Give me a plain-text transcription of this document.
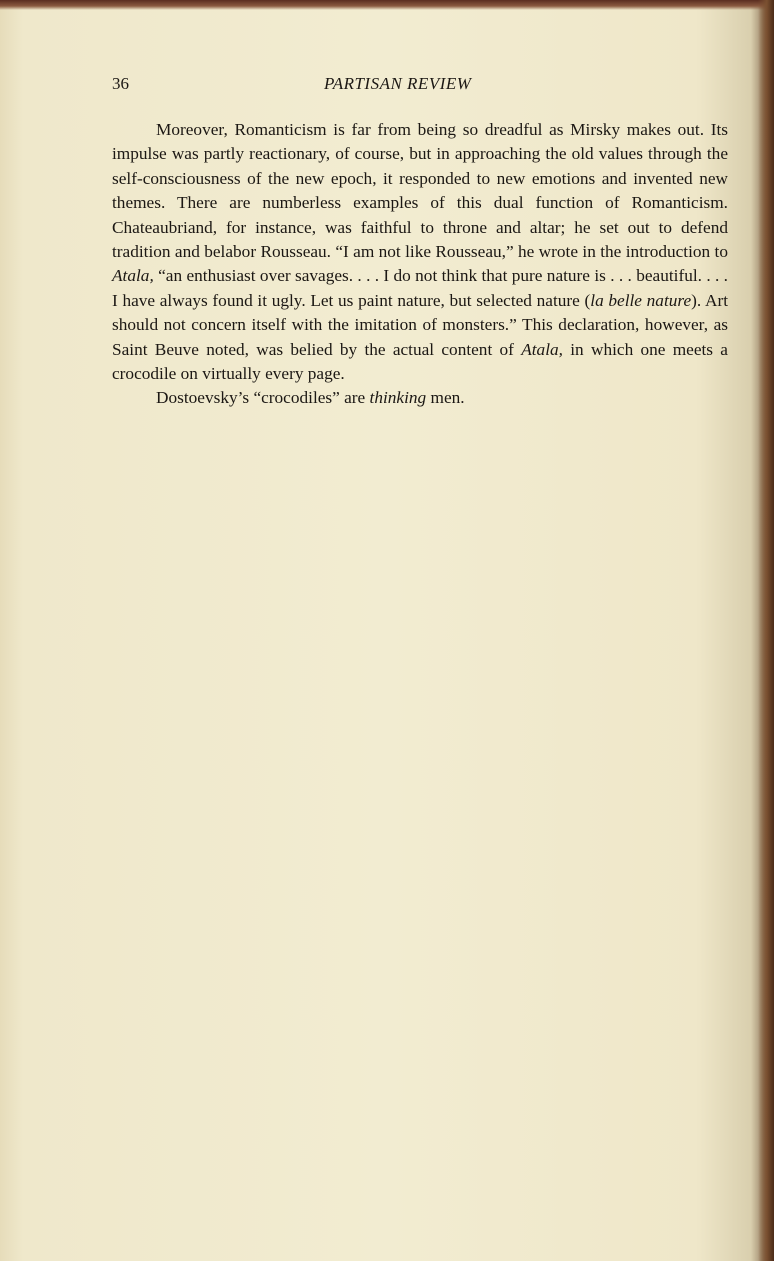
36	PARTISAN REVIEW

Moreover, Romanticism is far from being so dreadful as Mirsky makes out. Its impulse was partly reactionary, of course, but in approaching the old values through the self-consciousness of the new epoch, it responded to new emotions and invented new themes. There are numberless examples of this dual function of Romanticism. Chateaubriand, for instance, was faithful to throne and altar; he set out to defend tradition and belabor Rousseau. “I am not like Rousseau,” he wrote in the introduction to Atala, “an enthusiast over savages. . . . I do not think that pure nature is . . . beautiful. . . . I have always found it ugly. Let us paint nature, but selected nature (la belle nature). Art should not concern itself with the imitation of monsters.” This declaration, however, as Saint Beuve noted, was belied by the actual content of Atala, in which one meets a crocodile on virtually every page.

Dostoevsky’s “crocodiles” are thinking men.
